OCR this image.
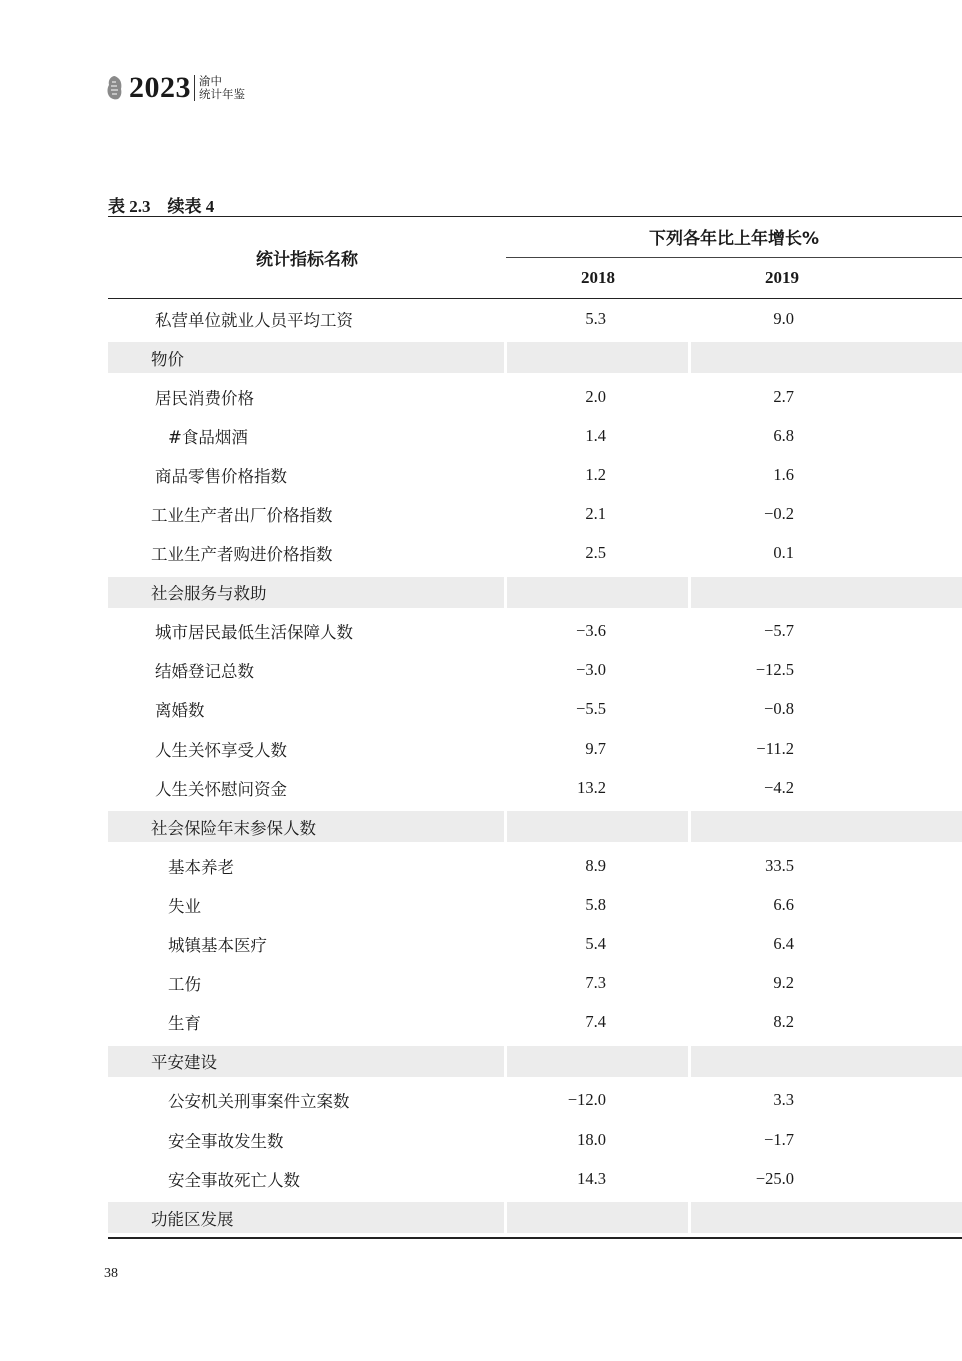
2023 渝中
统计年鉴
表 2.3　续表 4
统计指标名称
下列各年比上年增长%
2018	2019
私营单位就业人员平均工资	5.3	9.0
物价
居民消费价格	2.0	2.7
#食品烟酒	1.4	6.8
商品零售价格指数	1.2	1.6
工业生产者出厂价格指数	2.1	−0.2
工业生产者购进价格指数	2.5	0.1
社会服务与救助
城市居民最低生活保障人数	−3.6	−5.7
结婚登记总数	−3.0	−12.5
离婚数	−5.5	−0.8
人生关怀享受人数	9.7	−11.2
人生关怀慰问资金	13.2	−4.2
社会保险年末参保人数
基本养老	8.9	33.5
失业	5.8	6.6
城镇基本医疗	5.4	6.4
工伤	7.3	9.2
生育	7.4	8.2
平安建设
公安机关刑事案件立案数	−12.0	3.3
安全事故发生数	18.0	−1.7
安全事故死亡人数	14.3	−25.0
功能区发展
38
